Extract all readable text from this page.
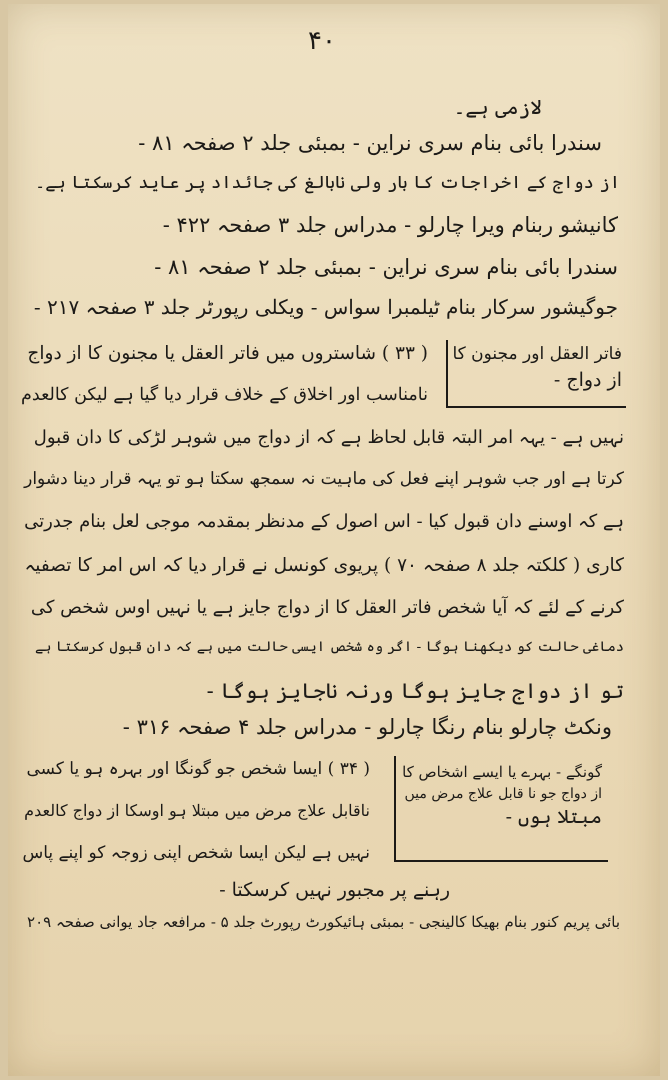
۴۰
لازمی ہے۔
سندرا بائی بنام سری نراین - بمبئی جلد ۲ صفحہ ۸۱ -
از دواج کے اخراجات کا بار ولی نابالغ کی جائداد پر عاید کرسکتا ہے۔
کانیشو ربنام ویرا چارلو - مدراس جلد ۳ صفحہ ۴۲۲ -
سندرا بائی بنام سری نراین - بمبئی جلد ۲ صفحہ ۸۱ -
جوگیشور سرکار بنام ٹیلمبرا سواس - ویکلی رپورٹر جلد ۳ صفحہ ۲۱۷ -
فاتر العقل اور مجنون کا
از دواج -
( ۳۳ ) شاستروں میں فاتر العقل یا مجنون کا از دواج
نامناسب اور اخلاق کے خلاف قرار دیا گیا ہے لیکن کالعدم
نہیں ہے - یہہ امر البتہ قابل لحاظ ہے کہ از دواج میں شوہر لڑکی کا دان قبول
کرتا ہے اور جب شوہر اپنے فعل کی ماہیت نہ سمجھ سکتا ہو تو یہہ قرار دینا دشوار
ہے کہ اوسنے دان قبول کیا - اس اصول کے مدنظر بمقدمہ موجی لعل بنام جدرتی
کاری ( کلکتہ جلد ۸ صفحہ ۷۰ ) پریوی کونسل نے قرار دیا کہ اس امر کا تصفیہ
کرنے کے لئے کہ آیا شخص فاتر العقل کا از دواج جایز ہے یا نہیں اوس شخص کی
دماغی حالت کو دیکھنا ہوگا - اگر وہ شخص ایسی حالت میں ہے کہ دان قبول کرسکتا ہے
تو از دواج جایز ہوگا ورنہ ناجایز ہوگا -
ونکٹ چارلو بنام رنگا چارلو - مدراس جلد ۴ صفحہ ۳۱۶ -
گونگے - بہرے یا ایسے اشخاص کا
از دواج جو نا قابل علاج مرض میں
مبتلا ہوں -
( ۳۴ ) ایسا شخص جو گونگا اور بہرہ ہو یا کسی
ناقابل علاج مرض میں مبتلا ہو اوسکا از دواج کالعدم
نہیں ہے لیکن ایسا شخص اپنی زوجہ کو اپنے پاس
رہنے پر مجبور نہیں کرسکتا -
بائی پریم کنور بنام بھیکا کالینجی - بمبئی ہائیکورٹ رپورٹ جلد ۵ - مرافعہ جاد یوانی صفحہ ۲۰۹
